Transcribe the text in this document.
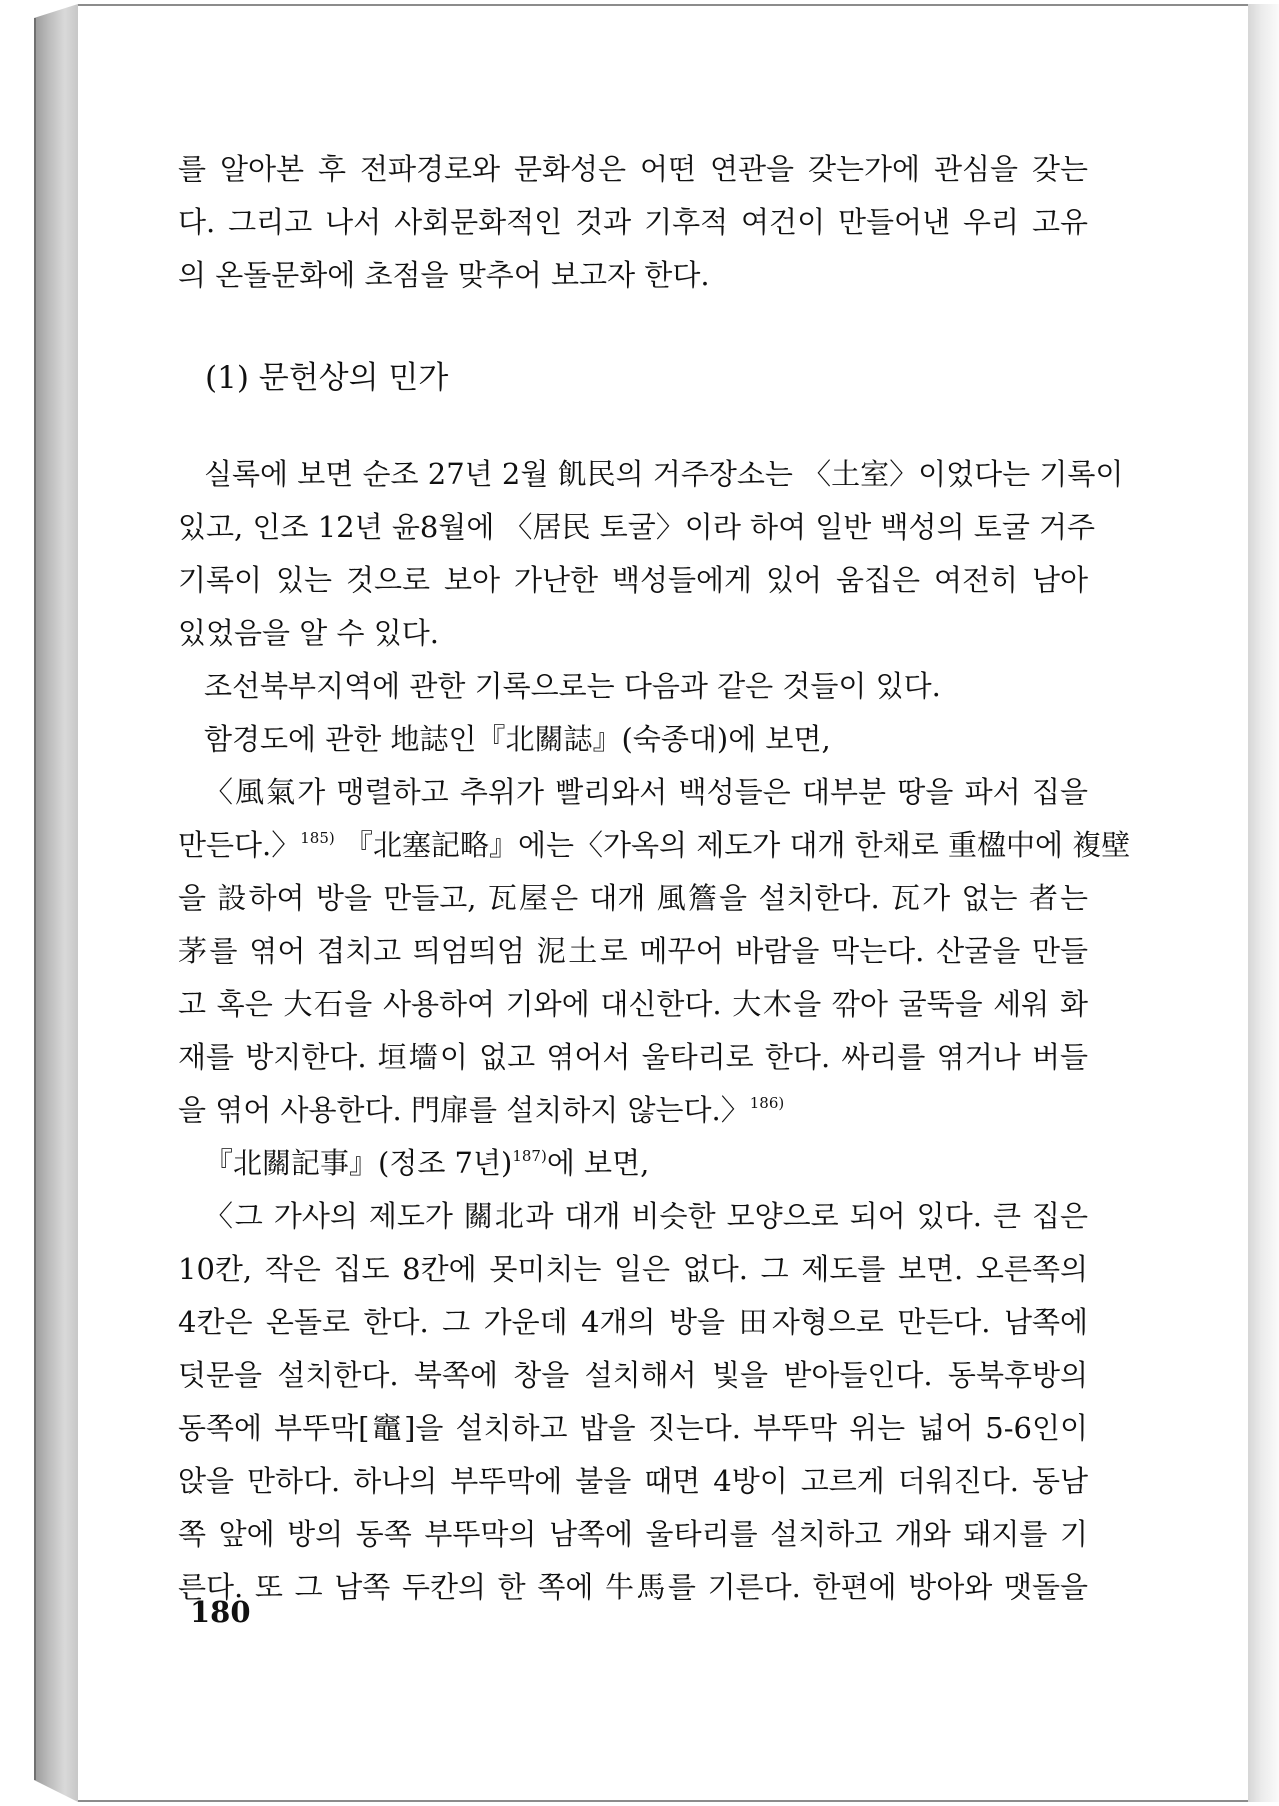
를 알아본 후 전파경로와 문화성은 어떤 연관을 갖는가에 관심을 갖는
다. 그리고 나서 사회문화적인 것과 기후적 여건이 만들어낸 우리 고유
의 온돌문화에 초점을 맞추어 보고자 한다.
(1) 문헌상의 민가
실록에 보면 순조 27년 2월 飢民의 거주장소는 〈土室〉이었다는 기록이
있고, 인조 12년 윤8월에 〈居民 토굴〉이라 하여 일반 백성의 토굴 거주
기록이 있는 것으로 보아 가난한 백성들에게 있어 움집은 여전히 남아
있었음을 알 수 있다.
조선북부지역에 관한 기록으로는 다음과 같은 것들이 있다.
함경도에 관한 地誌인『北關誌』(숙종대)에 보면,
〈風氣가 맹렬하고 추위가 빨리와서 백성들은 대부분 땅을 파서 집을
만든다.〉$^{185)}$ 『北塞記略』에는〈가옥의 제도가 대개 한채로 重楹中에 複壁
을 設하여 방을 만들고, 瓦屋은 대개 風簷을 설치한다. 瓦가 없는 者는
茅를 엮어 겹치고 띄엄띄엄 泥土로 메꾸어 바람을 막는다. 산굴을 만들
고 혹은 大石을 사용하여 기와에 대신한다. 大木을 깎아 굴뚝을 세워 화
재를 방지한다. 垣墻이 없고 엮어서 울타리로 한다. 싸리를 엮거나 버들
을 엮어 사용한다. 門扉를 설치하지 않는다.〉$^{186)}$
『北關記事』(정조 7년)$^{187)}$에 보면,
〈그 가사의 제도가 關北과 대개 비슷한 모양으로 되어 있다. 큰 집은
10칸, 작은 집도 8칸에 못미치는 일은 없다. 그 제도를 보면. 오른쪽의
4칸은 온돌로 한다. 그 가운데 4개의 방을 田자형으로 만든다. 남쪽에
덧문을 설치한다. 북쪽에 창을 설치해서 빛을 받아들인다. 동북후방의
동쪽에 부뚜막[竈]을 설치하고 밥을 짓는다. 부뚜막 위는 넓어 5-6인이
앉을 만하다. 하나의 부뚜막에 불을 때면 4방이 고르게 더워진다. 동남
쪽 앞에 방의 동쪽 부뚜막의 남쪽에 울타리를 설치하고 개와 돼지를 기
른다. 또 그 남쪽 두칸의 한 쪽에 牛馬를 기른다. 한편에 방아와 맷돌을
180
